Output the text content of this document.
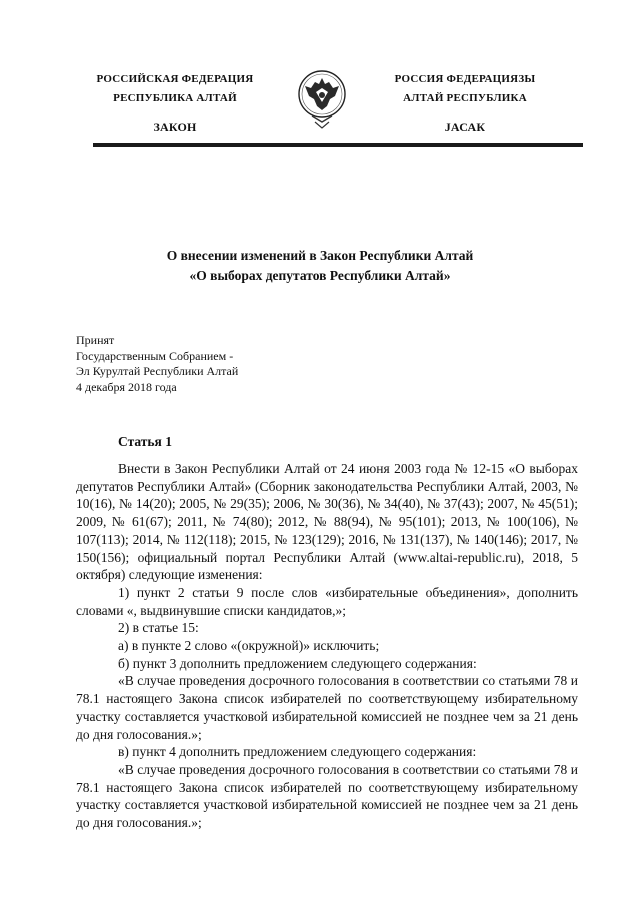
РОССИЙСКАЯ ФЕДЕРАЦИЯ
РЕСПУБЛИКА АЛТАЙ
ЗАКОН
РОССИЯ ФЕДЕРАЦИЯЗЫ
АЛТАЙ РЕСПУБЛИКА
ЈАСАК
О внесении изменений в Закон Республики Алтай
«О выборах депутатов Республики Алтай»
Принят
Государственным Собранием -
Эл Курултай Республики Алтай
4 декабря 2018 года
Статья 1

Внести в Закон Республики Алтай от 24 июня 2003 года № 12-15 «О выборах депутатов Республики Алтай» (Сборник законодательства Республики Алтай, 2003, № 10(16), № 14(20); 2005, № 29(35); 2006, № 30(36), № 34(40), № 37(43); 2007, № 45(51); 2009, № 61(67); 2011, № 74(80); 2012, № 88(94), № 95(101); 2013, № 100(106), № 107(113); 2014, № 112(118); 2015, № 123(129); 2016, № 131(137), № 140(146); 2017, № 150(156); официальный портал Республики Алтай (www.altai-republic.ru), 2018, 5 октября) следующие изменения:

1) пункт 2 статьи 9 после слов «избирательные объединения», дополнить словами «, выдвинувшие списки кандидатов,»;

2) в статье 15:

а) в пункте 2 слово «(окружной)» исключить;

б) пункт 3 дополнить предложением следующего содержания:

«В случае проведения досрочного голосования в соответствии со статьями 78 и 78.1 настоящего Закона список избирателей по соответствующему избирательному участку составляется участковой избирательной комиссией не позднее чем за 21 день до дня голосования.»;

в) пункт 4 дополнить предложением следующего содержания:

«В случае проведения досрочного голосования в соответствии со статьями 78 и 78.1 настоящего Закона список избирателей по соответствующему избирательному участку составляется участковой избирательной комиссией не позднее чем за 21 день до дня голосования.»;
